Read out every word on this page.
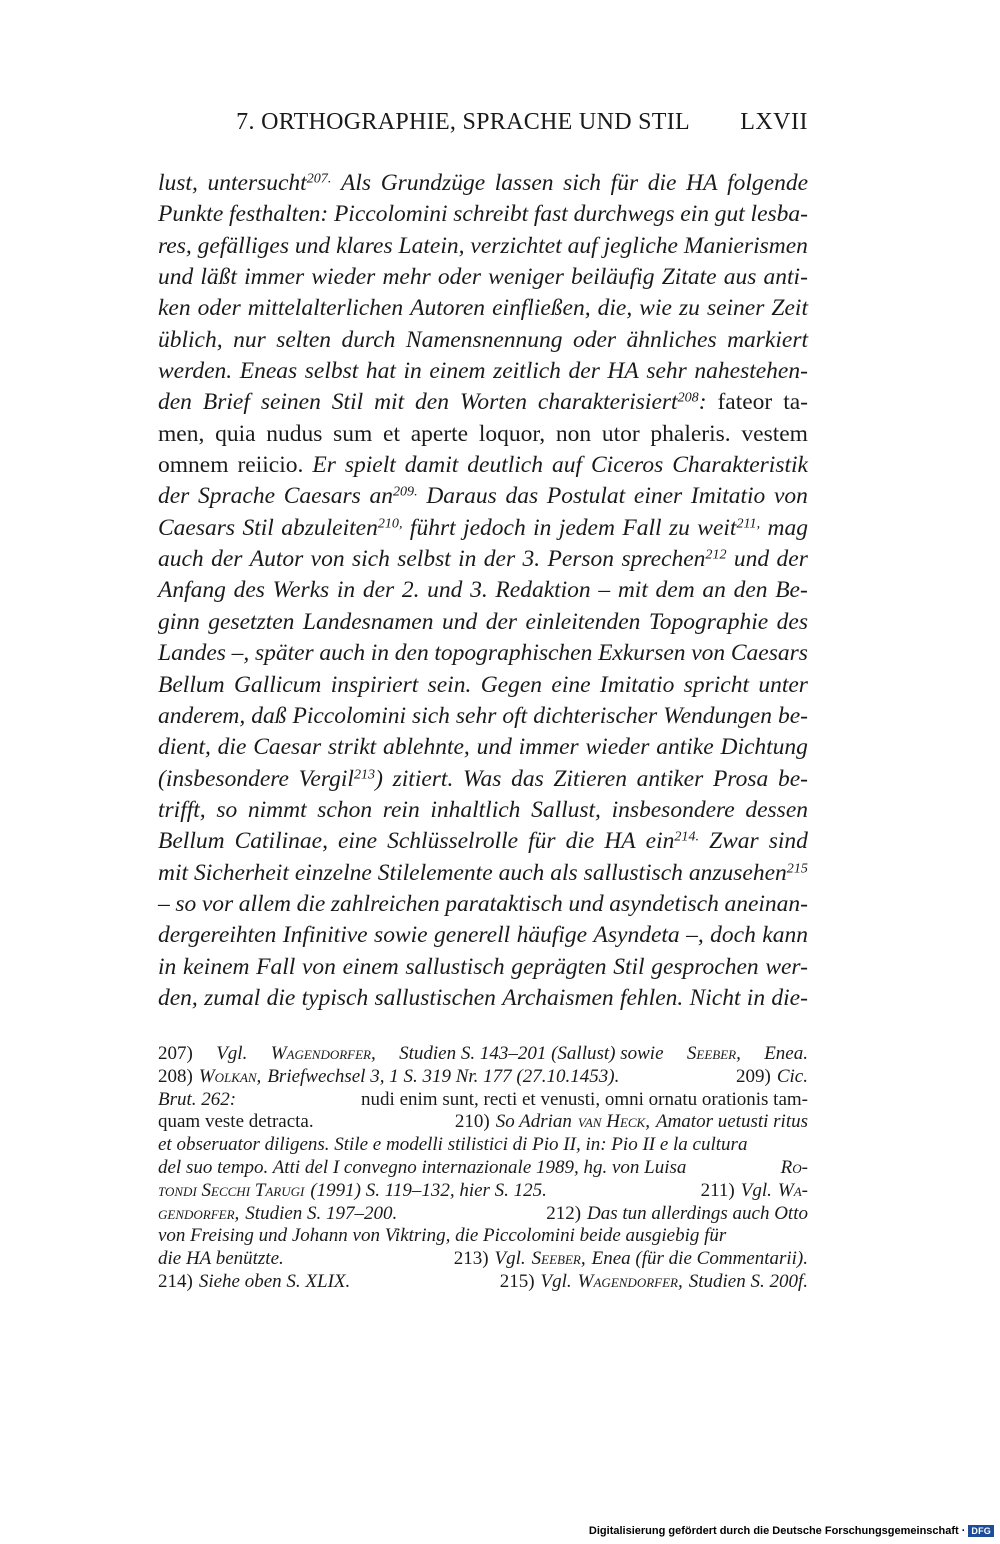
7. ORTHOGRAPHIE, SPRACHE UND STIL LXVII
lust, untersucht$^{207.}$ Als Grundzüge lassen sich für die HA folgende
Punkte festhalten: Piccolomini schreibt fast durchwegs ein gut lesba-
res, gefälliges und klares Latein, verzichtet auf jegliche Manierismen
und läßt immer wieder mehr oder weniger beiläufig Zitate aus anti-
ken oder mittelalterlichen Autoren einfließen, die, wie zu seiner Zeit
üblich, nur selten durch Namensnennung oder ähnliches markiert
werden. Eneas selbst hat in einem zeitlich der HA sehr nahestehen-
den Brief seinen Stil mit den Worten charakterisiert$^{208}$: fateor ta-
men, quia nudus sum et aperte loquor, non utor phaleris. vestem
omnem reiicio. Er spielt damit deutlich auf Ciceros Charakteristik
der Sprache Caesars $an^{209.}$ Daraus das Postulat einer Imitatio von
Caesars Stil abzuleiten$^{210,}$ führt jedoch in jedem Fall zu weit$^{211,}$ mag
auch der Autor von sich selbst in der 3. Person sprechen$^{212}$ und der
Anfang des Werks in der 2. und 3. Redaktion – mit dem an den Be-
ginn gesetzten Landesnamen und der einleitenden Topographie des
Landes –, später auch in den topographischen Exkursen von Caesars
Bellum Gallicum inspiriert sein. Gegen eine Imitatio spricht unter
anderem, daß Piccolomini sich sehr oft dichterischer Wendungen be-
dient, die Caesar strikt ablehnte, und immer wieder antike Dichtung
(insbesondere Vergil$^{213}$) zitiert. Was das Zitieren antiker Prosa be-
trifft, so nimmt schon rein inhaltlich Sallust, insbesondere dessen
Bellum Catilinae, eine Schlüsselrolle für die HA ein$^{214.}$ Zwar sind
mit Sicherheit einzelne Stilelemente auch als sallustisch anzusehen$^{215}$
– so vor allem die zahlreichen parataktisch und asyndetisch aneinan-
dergereihten Infinitive sowie generell häufige Asyndeta –, doch kann
in keinem Fall von einem sallustisch geprägten Stil gesprochen wer-
den, zumal die typisch sallustischen Archaismen fehlen. Nicht in die-
207) Vgl. Wagendorfer, Studien S. 143–201 (Sallust) sowie Seeber, Enea.
208) Wolkan, Briefwechsel 3, 1 S. 319 Nr. 177 (27.10.1453).	209) Cic.
Brut. 262:	nudi enim sunt, recti et venusti, omni ornatu orationis tam-
quam veste detracta.	210) So Adrian van Heck, Amator uetusti ritus
et obseruator diligens. Stile e modelli stilistici di Pio II, in: Pio II e la cultura
del suo tempo. Atti del I convegno internazionale 1989, hg. von Luisa	Ro-
tondi Secchi Tarugi (1991) S. 119–132, hier S. 125.	211) Vgl. Wa-
gendorfer, Studien S. 197–200.	212) Das tun allerdings auch Otto
von Freising und Johann von Viktring, die Piccolomini beide ausgiebig für
die HA benützte.	213) Vgl. Seeber, Enea (für die Commentarii).
214) Siehe oben S. XLIX.	215) Vgl. Wagendorfer, Studien S. 200f.
Digitalisierung gefördert durch die Deutsche Forschungsgemeinschaft · DFG
